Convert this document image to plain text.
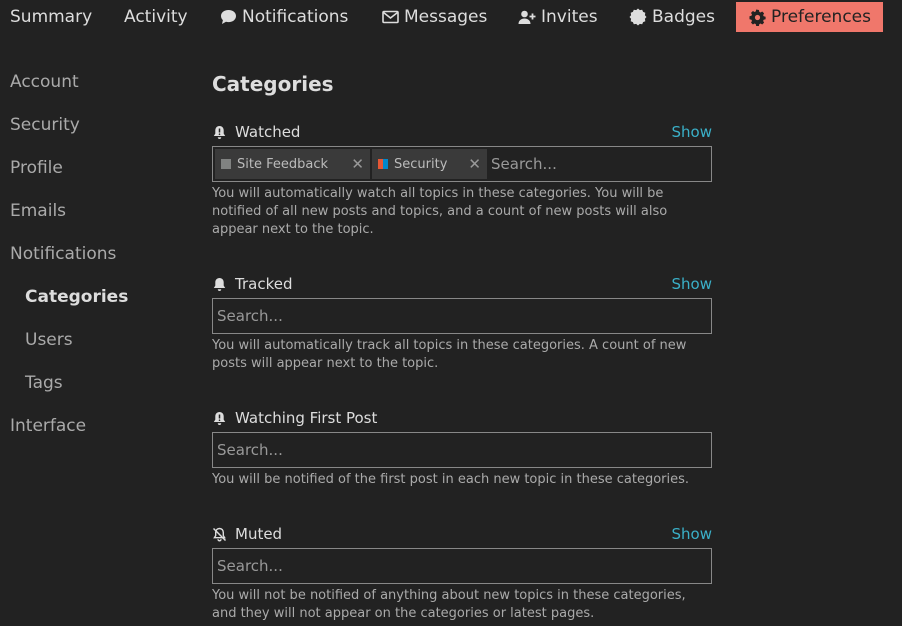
Summary Activity	Notifications	Messages	Invites	Badges	Preferences
Account
Security
Profile
Emails
Notifications
Categories
Users
Tags
Interface
Categories
Watched	Show
Site Feedback	✕ Security	✕
Search...
You will automatically watch all topics in these categories. You will be notified of all new posts and topics, and a count of new posts will also appear next to the topic.
Tracked	Show
Search...
You will automatically track all topics in these categories. A count of new posts will appear next to the topic.
Watching First Post
Search...
You will be notified of the first post in each new topic in these categories.
Muted	Show
Search...
You will not be notified of anything about new topics in these categories, and they will not appear on the categories or latest pages.
